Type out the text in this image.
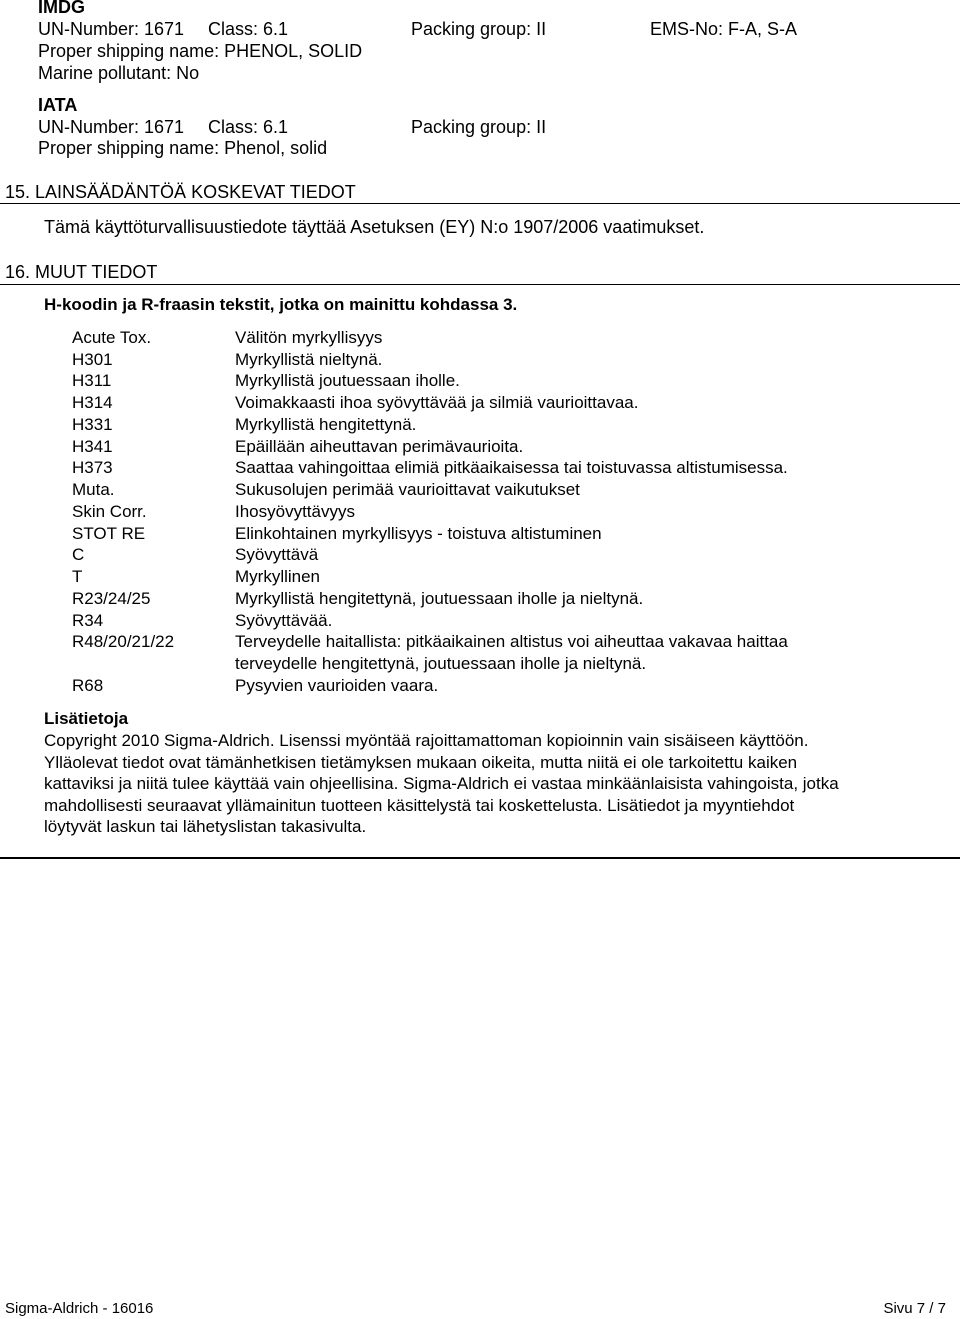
IMDG
UN-Number: 1671 Class: 6.1	Packing group: II	EMS-No: F-A, S-A
Proper shipping name: PHENOL, SOLID
Marine pollutant: No
IATA
UN-Number: 1671 Class: 6.1	Packing group: II
Proper shipping name: Phenol, solid
15. LAINSÄÄDÄNTÖÄ KOSKEVAT TIEDOT
Tämä käyttöturvallisuustiedote täyttää Asetuksen (EY) N:o 1907/2006 vaatimukset.
16. MUUT TIEDOT
H-koodin ja R-fraasin tekstit, jotka on mainittu kohdassa 3.
Acute Tox.	Välitön myrkyllisyys
H301	Myrkyllistä nieltynä.
H311	Myrkyllistä joutuessaan iholle.
H314	Voimakkaasti ihoa syövyttävää ja silmiä vaurioittavaa.
H331	Myrkyllistä hengitettynä.
H341	Epäillään aiheuttavan perimävaurioita.
H373	Saattaa vahingoittaa elimiä pitkäaikaisessa tai toistuvassa altistumisessa.
Muta.	Sukusolujen perimää vaurioittavat vaikutukset
Skin Corr.	Ihosyövyttävyys
STOT RE	Elinkohtainen myrkyllisyys - toistuva altistuminen
C	Syövyttävä
T	Myrkyllinen
R23/24/25	Myrkyllistä hengitettynä, joutuessaan iholle ja nieltynä.
R34	Syövyttävää.
R48/20/21/22	Terveydelle haitallista: pitkäaikainen altistus voi aiheuttaa vakavaa haittaa
terveydelle hengitettynä, joutuessaan iholle ja nieltynä.
R68	Pysyvien vaurioiden vaara.
Lisätietoja
Copyright 2010 Sigma-Aldrich. Lisenssi myöntää rajoittamattoman kopioinnin vain sisäiseen käyttöön.
Ylläolevat tiedot ovat tämänhetkisen tietämyksen mukaan oikeita, mutta niitä ei ole tarkoitettu kaiken
kattaviksi ja niitä tulee käyttää vain ohjeellisina. Sigma-Aldrich ei vastaa minkäänlaisista vahingoista, jotka
mahdollisesti seuraavat yllämainitun tuotteen käsittelystä tai koskettelusta. Lisätiedot ja myyntiehdot
löytyvät laskun tai lähetyslistan takasivulta.
Sigma-Aldrich - 16016	Sivu 7 / 7
